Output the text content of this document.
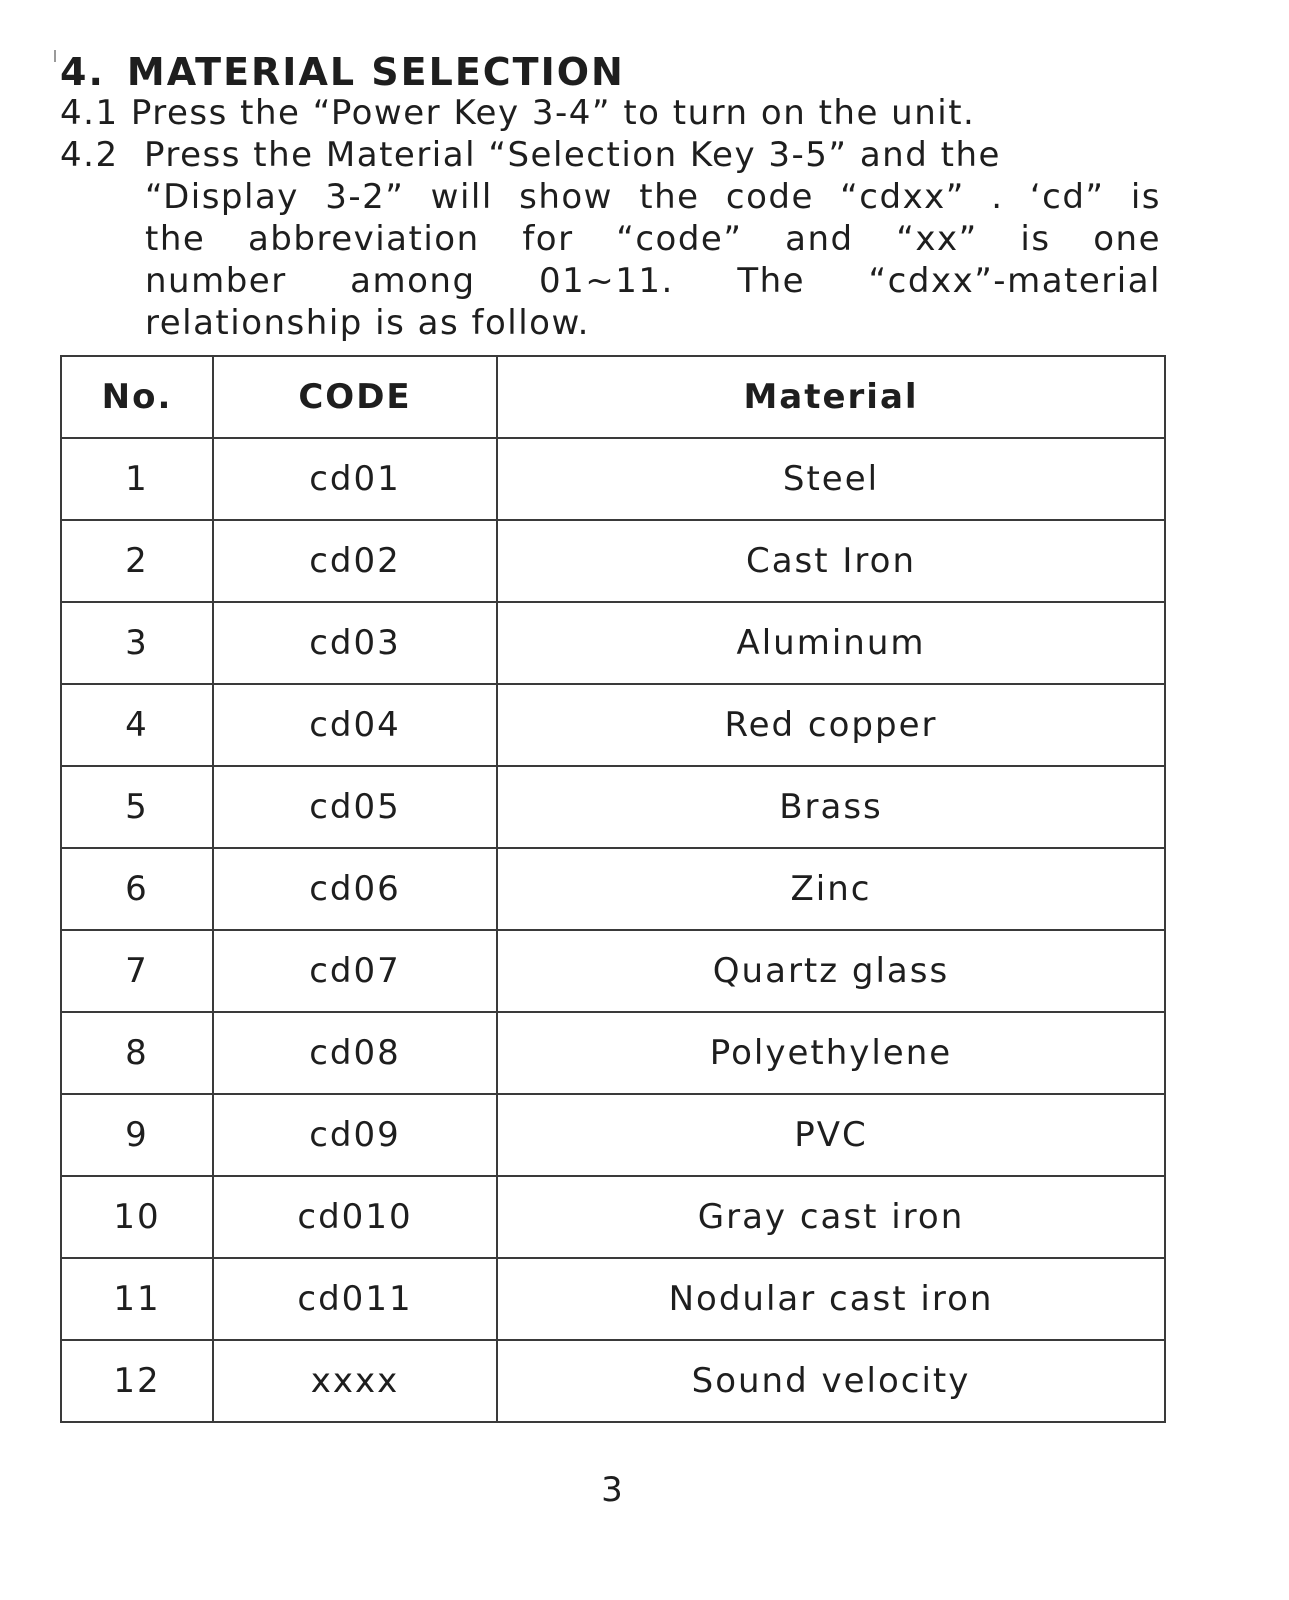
4. MATERIAL SELECTION
4.1 Press the “Power Key 3-4” to turn on the unit.
4.2 Press the Material “Selection Key 3-5” and the
“Display 3-2” will show the code “cdxx” . ‘cd” is
the abbreviation for “code” and “xx” is one
number among 01~11. The “cdxx”-material
relationship is as follow.
No.	CODE	Material
1	cd01	Steel
2	cd02	Cast Iron
3	cd03	Aluminum
4	cd04	Red copper
5	cd05	Brass
6	cd06	Zinc
7	cd07	Quartz glass
8	cd08	Polyethylene
9	cd09	PVC
10	cd010	Gray cast iron
11	cd011	Nodular cast iron
12	xxxx	Sound velocity
3
